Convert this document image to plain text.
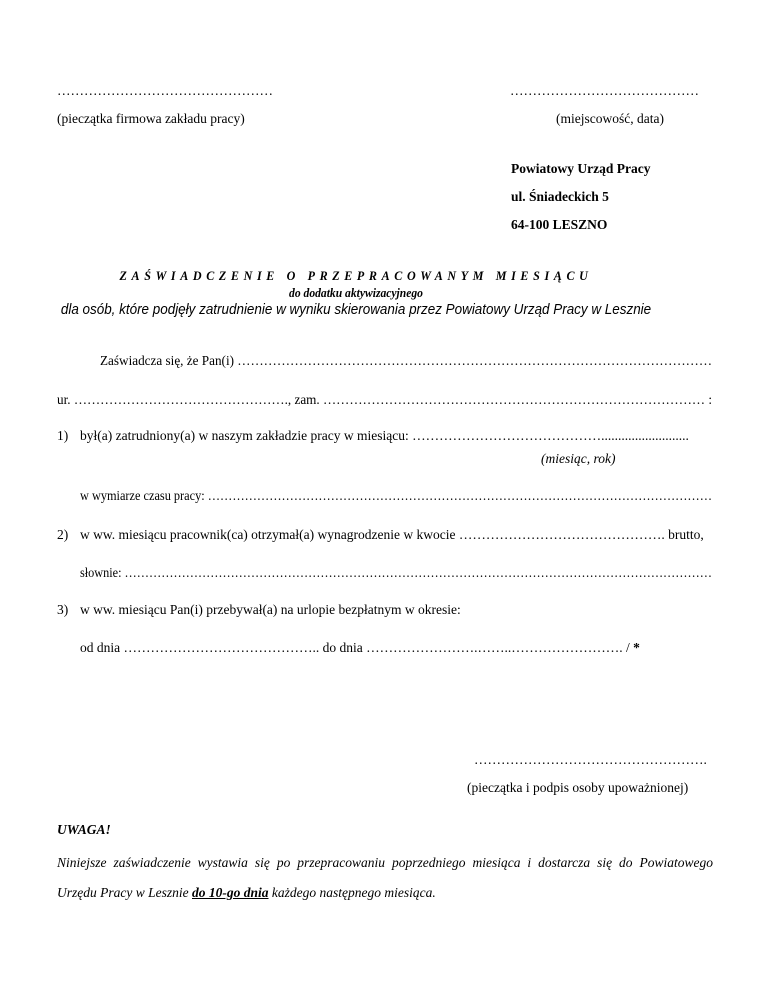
…………………………………………
(pieczątka firmowa zakładu pracy)
……………………………………
(miejscowość, data)
Powiatowy Urząd Pracy
ul. Śniadeckich 5
64-100 LESZNO
ZAŚWIADCZENIE O PRZEPRACOWANYM MIESIĄCU
do dodatku aktywizacyjnego
dla osób, które podjęły zatrudnienie w wyniku skierowania przez Powiatowy Urząd Pracy w Lesznie
Zaświadcza się, że Pan(i) ………………………………………………………………………………………………
ur. …………………………………………., zam. …………………………………………………………………………… :
1) był(a) zatrudniony(a) w naszym zakładzie pracy w miesiącu: ……………………………………..........................
(miesiąc, rok)
w wymiarze czasu pracy: ……………………………………………………………………………………………………………
2) w ww. miesiącu pracownik(ca) otrzymał(a) wynagrodzenie w kwocie ………………………………………. brutto,
słownie: ………………………………………………………………………………………………………………………………
3) w ww. miesiącu Pan(i) przebywał(a) na urlopie bezpłatnym w okresie:
od dnia …………………………………….. do dnia …………………….……..……………………. / *
…………………………………………….
(pieczątka i podpis osoby upoważnionej)
UWAGA!
Niniejsze zaświadczenie wystawia się po przepracowaniu poprzedniego miesiąca i dostarcza się do Powiatowego Urzędu Pracy w Lesznie do 10-go dnia każdego następnego miesiąca.
